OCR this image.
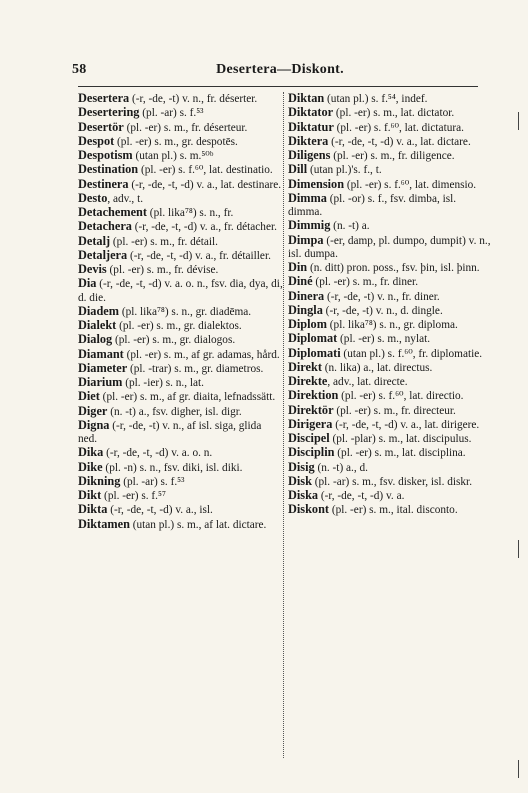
58	Desertera—Diskont.

Desertera (-r, -de, -t) v. n., fr. déserter.

Desertering (pl. -ar) s. f.⁵³

Desertör (pl. -er) s. m., fr. déserteur.

Despot (pl. -er) s. m., gr. despotēs.

Despotism (utan pl.) s. m.⁵⁰ᵇ

Destination (pl. -er) s. f.⁶⁰, lat. destinatio.

Destinera (-r, -de, -t, -d) v. a., lat. destinare.

Desto, adv., t.

Detachement (pl. lika⁷⁸) s. n., fr.

Detachera (-r, -de, -t, -d) v. a., fr. détacher.

Detalj (pl. -er) s. m., fr. détail.

Detaljera (-r, -de, -t, -d) v. a., fr. détailler.

Devis (pl. -er) s. m., fr. dévise.

Dia (-r, -de, -t, -d) v. a. o. n., fsv. dia, dya, di, d. die.

Diadem (pl. lika⁷⁸) s. n., gr. diadēma.

Dialekt (pl. -er) s. m., gr. dialektos.

Dialog (pl. -er) s. m., gr. dialogos.

Diamant (pl. -er) s. m., af gr. adamas, hård.

Diameter (pl. -trar) s. m., gr. diametros.

Diarium (pl. -ier) s. n., lat.

Diet (pl. -er) s. m., af gr. diaita, lefnadssätt.

Diger (n. -t) a., fsv. digher, isl. digr.

Digna (-r, -de, -t) v. n., af isl. siga, glida ned.

Dika (-r, -de, -t, -d) v. a. o. n.

Dike (pl. -n) s. n., fsv. diki, isl. diki.

Dikning (pl. -ar) s. f.⁵³

Dikt (pl. -er) s. f.⁵⁷

Dikta (-r, -de, -t, -d) v. a., isl.

Diktamen (utan pl.) s. m., af lat. dictare.

Diktan (utan pl.) s. f.⁵⁴, indef.

Diktator (pl. -er) s. m., lat. dictator.

Diktatur (pl. -er) s. f.⁶⁰, lat. dictatura.

Diktera (-r, -de, -t, -d) v. a., lat. dictare.

Diligens (pl. -er) s. m., fr. diligence.

Dill (utan pl.)'s. f., t.

Dimension (pl. -er) s. f.⁶⁰, lat. dimensio.

Dimma (pl. -or) s. f., fsv. dimba, isl. dimma.

Dimmig (n. -t) a.

Dimpa (-er, damp, pl. dumpo, dumpit) v. n., isl. dumpa.

Din (n. ditt) pron. poss., fsv. þin, isl. þinn.

Diné (pl. -er) s. m., fr. diner.

Dinera (-r, -de, -t) v. n., fr. diner.

Dingla (-r, -de, -t) v. n., d. dingle.

Diplom (pl. lika⁷⁸) s. n., gr. diploma.

Diplomat (pl. -er) s. m., nylat.

Diplomati (utan pl.) s. f.⁶⁰, fr. diplomatie.

Direkt (n. lika) a., lat. directus.

Direkte, adv., lat. directe.

Direktion (pl. -er) s. f.⁶⁰, lat. directio.

Direktör (pl. -er) s. m., fr. directeur.

Dirigera (-r, -de, -t, -d) v. a., lat. dirigere.

Discipel (pl. -plar) s. m., lat. discipulus.

Disciplin (pl. -er) s. m., lat. disciplina.

Disig (n. -t) a., d.

Disk (pl. -ar) s. m., fsv. disker, isl. diskr.

Diska (-r, -de, -t, -d) v. a.

Diskont (pl. -er) s. m., ital. disconto.
